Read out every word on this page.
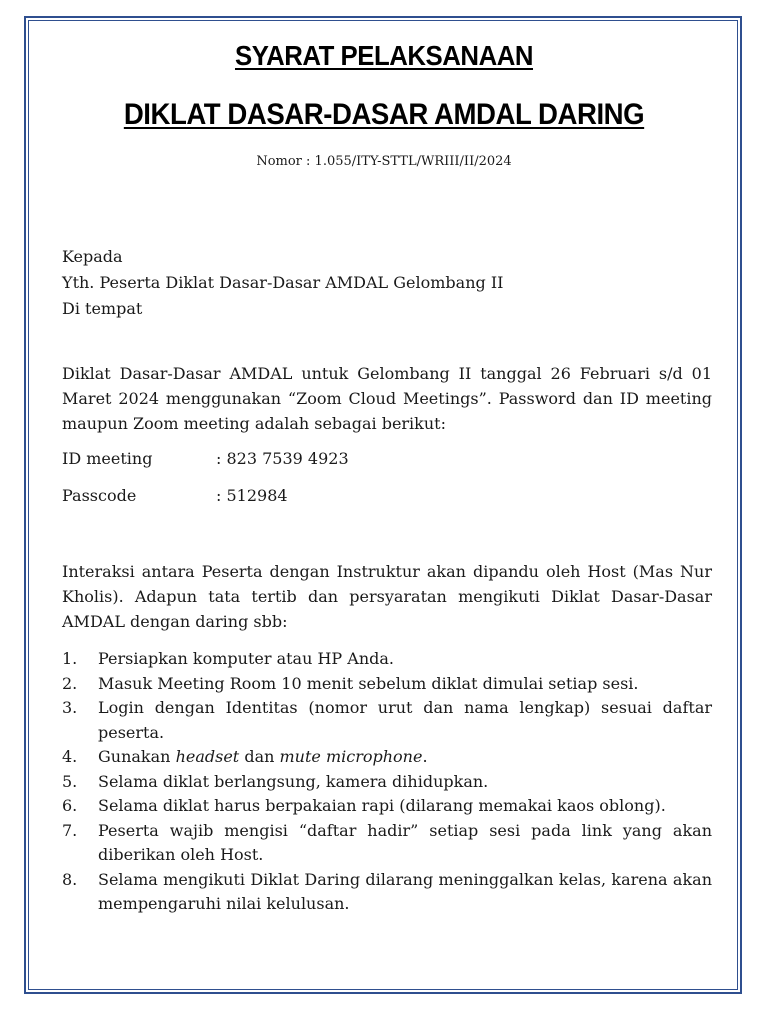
SYARAT PELAKSANAAN
DIKLAT DASAR-DASAR AMDAL DARING
Nomor : 1.055/ITY-STTL/WRIII/II/2024
Kepada
Yth. Peserta Diklat Dasar-Dasar AMDAL Gelombang II
Di tempat
Diklat Dasar-Dasar AMDAL untuk Gelombang II tanggal 26 Februari s/d 01 Maret 2024 menggunakan “Zoom Cloud Meetings”. Password dan ID meeting maupun Zoom meeting adalah sebagai berikut:
ID meeting	: 823 7539 4923
Passcode	: 512984
Interaksi antara Peserta dengan Instruktur akan dipandu oleh Host (Mas Nur Kholis). Adapun tata tertib dan persyaratan mengikuti Diklat Dasar-Dasar AMDAL dengan daring sbb:
1.	Persiapkan komputer atau HP Anda.
2.	Masuk Meeting Room 10 menit sebelum diklat dimulai setiap sesi.
3.	Login dengan Identitas (nomor urut dan nama lengkap) sesuai daftar peserta.
4.	Gunakan headset dan mute microphone.
5.	Selama diklat berlangsung, kamera dihidupkan.
6.	Selama diklat harus berpakaian rapi (dilarang memakai kaos oblong).
7.	Peserta wajib mengisi “daftar hadir” setiap sesi pada link yang akan diberikan oleh Host.
8.	Selama mengikuti Diklat Daring dilarang meninggalkan kelas, karena akan mempengaruhi nilai kelulusan.
